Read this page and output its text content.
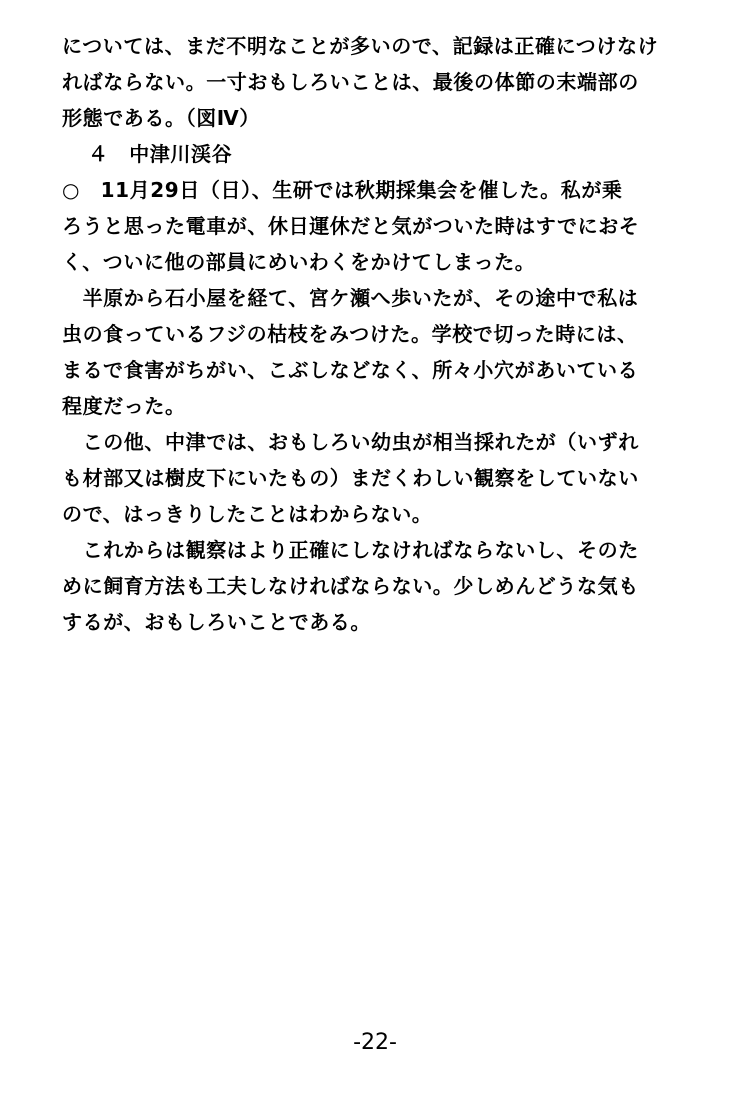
については、まだ不明なことが多いので、記録は正確につけなけ
ればならない。一寸おもしろいことは、最後の体節の末端部の
形態である。（図Ⅳ）
４　中津川渓谷
○　11月29日（日）、生研では秋期採集会を催した。私が乗
ろうと思った電車が、休日運休だと気がついた時はすでにおそ
く、ついに他の部員にめいわくをかけてしまった。
　半原から石小屋を経て、宮ケ瀬へ歩いたが、その途中で私は
虫の食っているフジの枯枝をみつけた。学校で切った時には、
まるで食害がちがい、こぶしなどなく、所々小穴があいている
程度だった。
　この他、中津では、おもしろい幼虫が相当採れたが（いずれ
も材部又は樹皮下にいたもの）まだくわしい観察をしていない
ので、はっきりしたことはわからない。
　これからは観察はより正確にしなければならないし、そのた
めに飼育方法も工夫しなければならない。少しめんどうな気も
するが、おもしろいことである。
-22-
